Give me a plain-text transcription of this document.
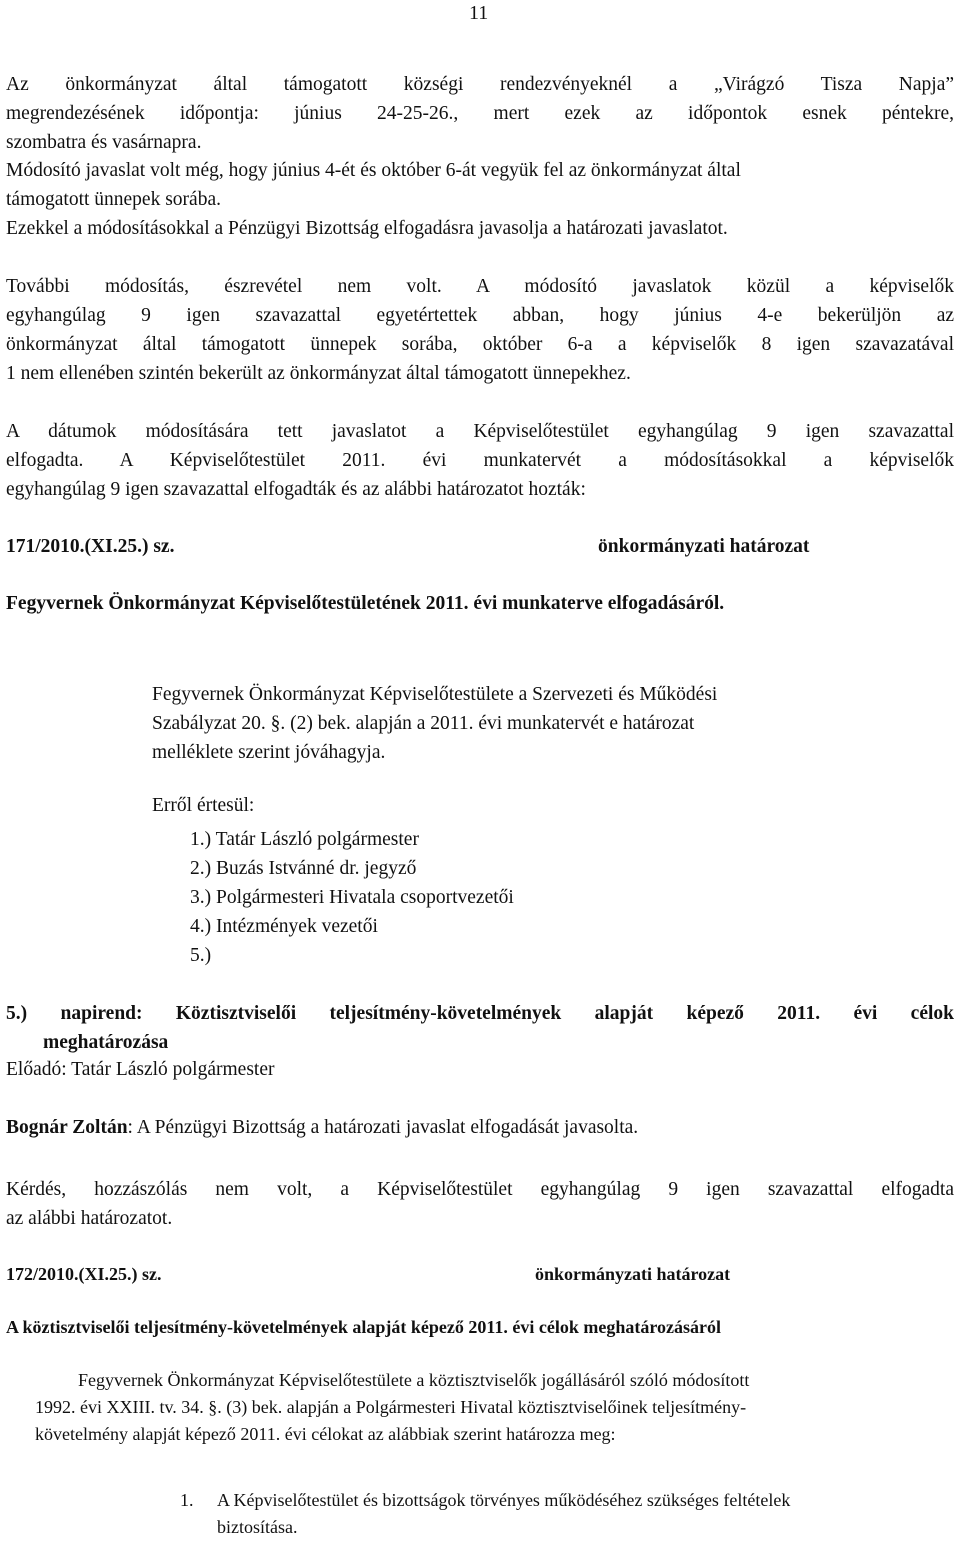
11
Az önkormányzat által támogatott községi rendezvényeknél a „Virágzó Tisza Napja”
megrendezésének időpontja: június 24-25-26., mert ezek az időpontok esnek péntekre,
szombatra és vasárnapra.
Módosító javaslat volt még, hogy június 4-ét és október 6-át vegyük fel az önkormányzat által
támogatott ünnepek sorába.
Ezekkel a módosításokkal a Pénzügyi Bizottság elfogadásra javasolja a határozati javaslatot.
További módosítás, észrevétel nem volt. A módosító javaslatok közül a képviselők
egyhangúlag 9 igen szavazattal egyetértettek abban, hogy június 4-e bekerüljön az
önkormányzat által támogatott ünnepek sorába, október 6-a a képviselők 8 igen szavazatával
1 nem ellenében szintén bekerült az önkormányzat által támogatott ünnepekhez.
A dátumok módosítására tett javaslatot a Képviselőtestület egyhangúlag 9 igen szavazattal
elfogadta. A Képviselőtestület 2011. évi munkatervét a módosításokkal a képviselők
egyhangúlag 9 igen szavazattal elfogadták és az alábbi határozatot hozták:
171/2010.(XI.25.) sz.	önkormányzati határozat
Fegyvernek Önkormányzat Képviselőtestületének 2011. évi munkaterve elfogadásáról.
Fegyvernek Önkormányzat Képviselőtestülete a Szervezeti és Működési
Szabályzat 20. §. (2) bek. alapján a 2011. évi munkatervét e határozat
melléklete szerint jóváhagyja.
Erről értesül:
1.) Tatár László polgármester
2.) Buzás Istvánné dr. jegyző
3.) Polgármesteri Hivatala csoportvezetői
4.) Intézmények vezetői
5.)
5.) napirend: Köztisztviselői teljesítmény-követelmények alapját képező 2011. évi célok
meghatározása
Előadó: Tatár László polgármester
Bognár Zoltán: A Pénzügyi Bizottság a határozati javaslat elfogadását javasolta.
Kérdés, hozzászólás nem volt, a Képviselőtestület egyhangúlag 9 igen szavazattal elfogadta
az alábbi határozatot.
172/2010.(XI.25.) sz.	önkormányzati határozat
A köztisztviselői teljesítmény-követelmények alapját képező 2011. évi célok meghatározásáról
Fegyvernek Önkormányzat Képviselőtestülete a köztisztviselők jogállásáról szóló módosított
1992. évi XXIII. tv. 34. §. (3) bek. alapján a Polgármesteri Hivatal köztisztviselőinek teljesítmény-
követelmény alapját képező 2011. évi célokat az alábbiak szerint határozza meg:
1. A Képviselőtestület és bizottságok törvényes működéséhez szükséges feltételek
biztosítása.
